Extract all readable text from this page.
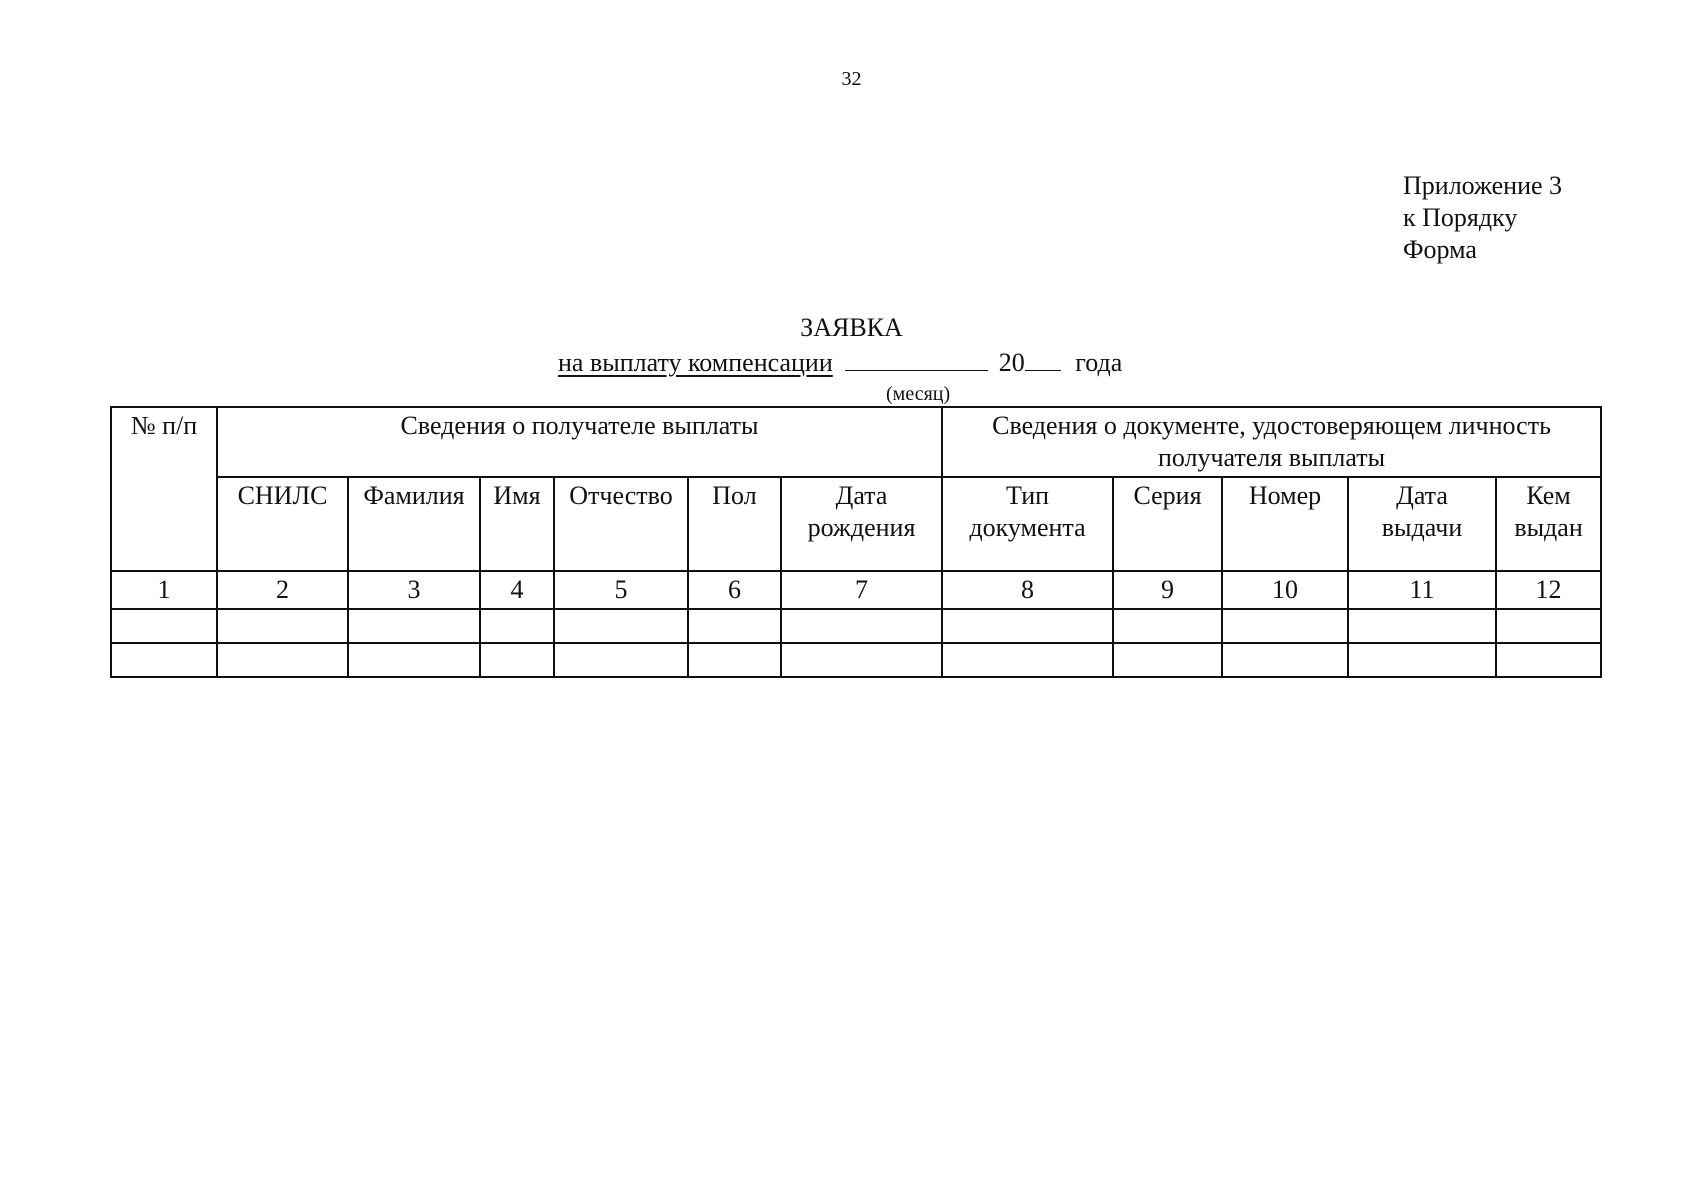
32
Приложение 3
к Порядку
Форма
ЗАЯВКА
на выплату компенсации	20 года
(месяц)
№ п/п	Сведения о получателе выплаты						Сведения о документе, удостоверяющем личность получателя выплаты				
	СНИЛС	Фамилия	Имя	Отчество	Пол	Дата рождения	Тип документа	Серия	Номер	Дата выдачи	Кем выдан
1	2	3	4	5	6	7	8	9	10	11	12
